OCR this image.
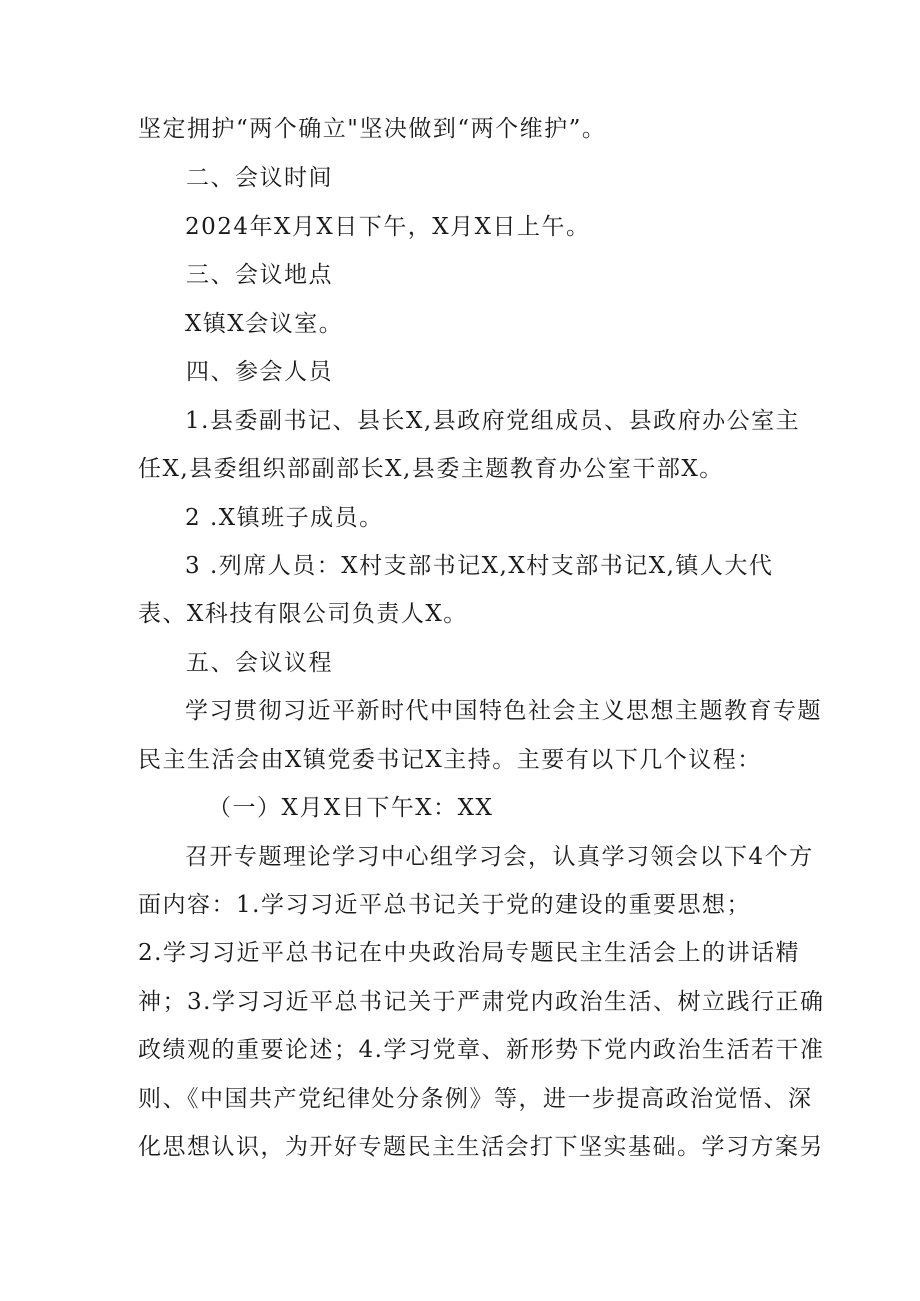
坚定拥护“两个确立"坚决做到“两个维护”。
二、会议时间
2024年X月X日下午，X月X日上午。
三、会议地点
X镇X会议室。
四、参会人员
1.县委副书记、县长X,县政府党组成员、县政府办公室主
任X,县委组织部副部长X,县委主题教育办公室干部X。
2 .X镇班子成员。
3 .列席人员：X村支部书记X,X村支部书记X,镇人大代
表、X科技有限公司负责人X。
五、会议议程
学习贯彻习近平新时代中国特色社会主义思想主题教育专题
民主生活会由X镇党委书记X主持。主要有以下几个议程：
（一）X月X日下午X：XX
召开专题理论学习中心组学习会，认真学习领会以下4个方
面内容：1.学习习近平总书记关于党的建设的重要思想；
2.学习习近平总书记在中央政治局专题民主生活会上的讲话精
神；3.学习习近平总书记关于严肃党内政治生活、树立践行正确
政绩观的重要论述；4.学习党章、新形势下党内政治生活若干准
则、《中国共产党纪律处分条例》等，进一步提高政治觉悟、深
化思想认识，为开好专题民主生活会打下坚实基础。学习方案另
